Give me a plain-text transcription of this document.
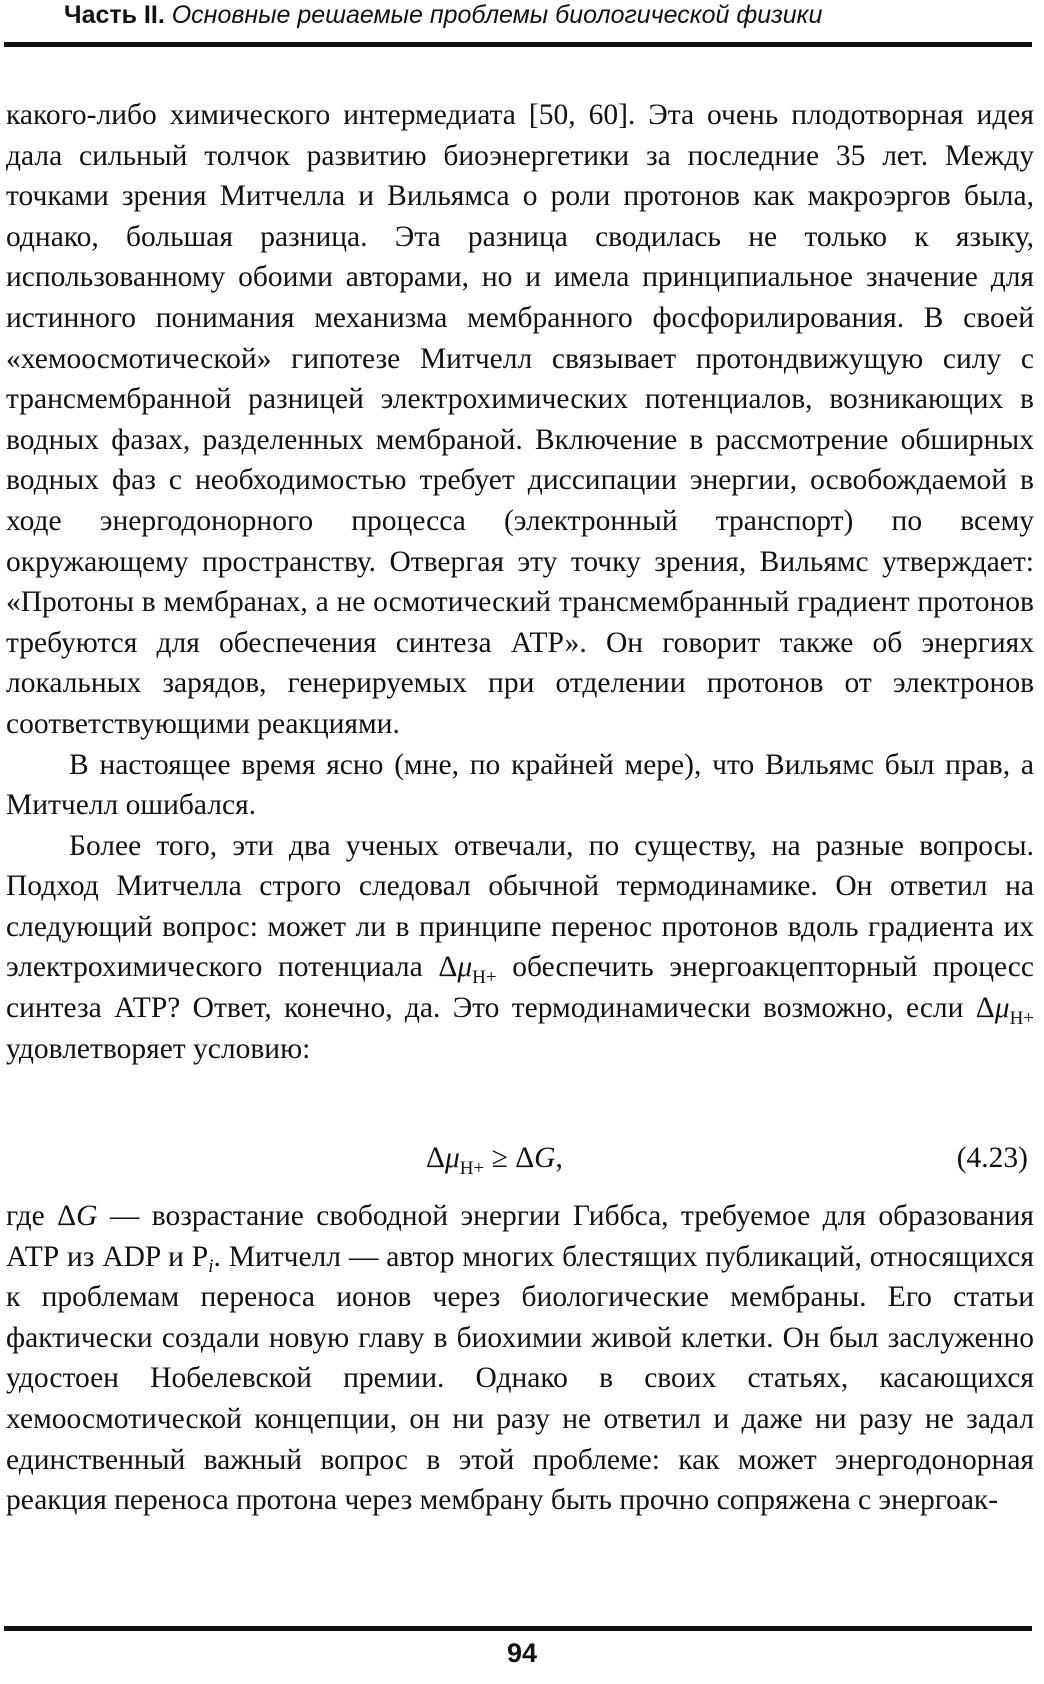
Часть II. Основные решаемые проблемы биологической физики

какого-либо химического интермедиата [50, 60]. Эта очень плодотворная идея дала сильный толчок развитию биоэнергетики за последние 35 лет. Между точками зрения Митчелла и Вильямса о роли протонов как макроэргов была, однако, большая разница. Эта разница сводилась не только к языку, использованному обоими авторами, но и имела принципиальное значение для истинного понимания механизма мембранного фосфорилирования. В своей «хемоосмотической» гипотезе Митчелл связывает протондвижущую силу с трансмембранной разницей электрохимических потенциалов, возникающих в водных фазах, разделенных мембраной. Включение в рассмотрение обширных водных фаз с необходимостью требует диссипации энергии, освобождаемой в ходе энергодонорного процесса (электронный транспорт) по всему окружающему пространству. Отвергая эту точку зрения, Вильямс утверждает: «Протоны в мембранах, а не осмотический трансмембранный градиент протонов требуются для обеспечения синтеза АТР». Он говорит также об энергиях локальных зарядов, генерируемых при отделении протонов от электронов соответствующими реакциями.

В настоящее время ясно (мне, по крайней мере), что Вильямс был прав, а Митчелл ошибался.

Более того, эти два ученых отвечали, по существу, на разные вопросы. Подход Митчелла строго следовал обычной термодинамике. Он ответил на следующий вопрос: может ли в принципе перенос протонов вдоль градиента их электрохимического потенциала $\Delta\mu_{H+}$ обеспечить энергоакцепторный процесс синтеза АТР? Ответ, конечно, да. Это термодинамически возможно, если $\Delta\mu_{H+}$ удовлетворяет условию:

$\Delta\mu_{H+} \ge \Delta G$,	(4.23)

где ΔG — возрастание свободной энергии Гиббса, требуемое для образования АТР из ADP и $P_i$. Митчелл — автор многих блестящих публикаций, относящихся к проблемам переноса ионов через биологические мембраны. Его статьи фактически создали новую главу в биохимии живой клетки. Он был заслуженно удостоен Нобелевской премии. Однако в своих статьях, касающихся хемоосмотической концепции, он ни разу не ответил и даже ни разу не задал единственный важный вопрос в этой проблеме: как может энергодонорная реакция переноса протона через мембрану быть прочно сопряжена с энергоак-

94
